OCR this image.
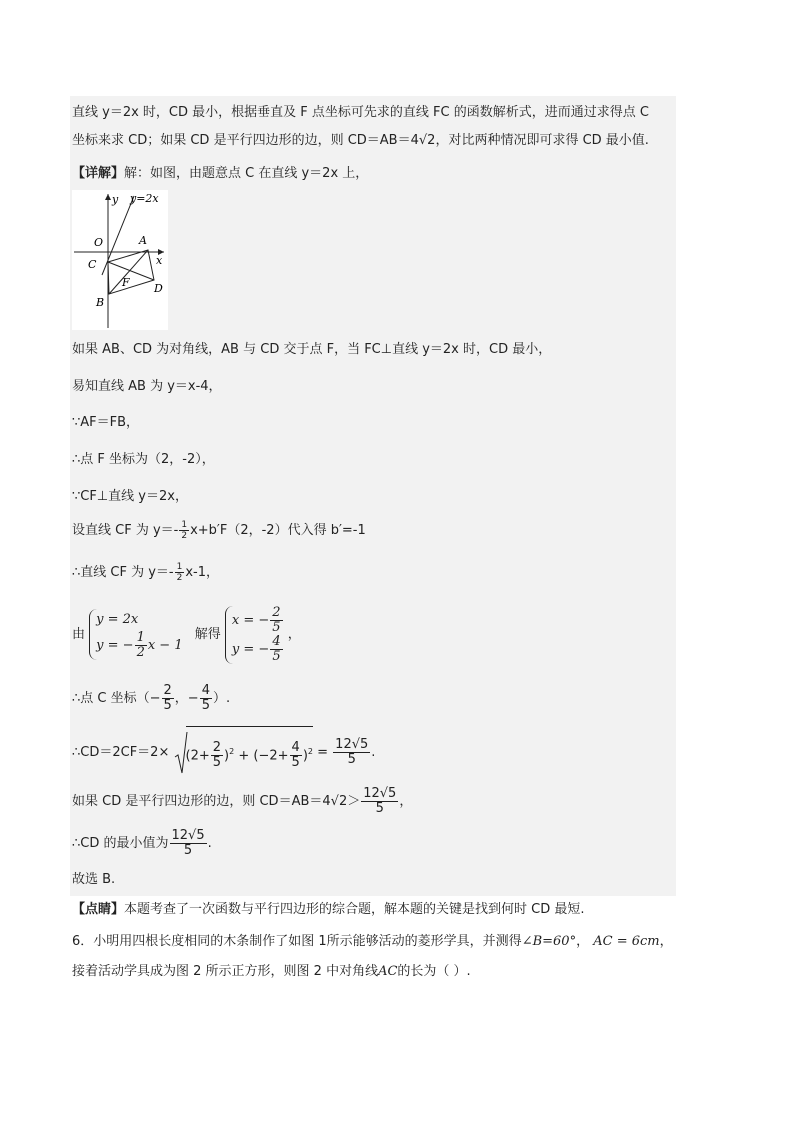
直线 y＝2x 时，CD 最小，根据垂直及 F 点坐标可先求的直线 FC 的函数解析式，进而通过求得点 C
坐标来求 CD；如果 CD 是平行四边形的边，则 CD＝AB＝4√2，对比两种情况即可求得 CD 最小值.
【详解】解：如图，由题意点 C 在直线 y＝2x 上，
y y=2x
x
O	A
C
F
B
D
如果 AB、CD 为对角线，AB 与 CD 交于点 F，当 FC⊥直线 y＝2x 时，CD 最小，
易知直线 AB 为 y＝x-4，
∵AF＝FB，
∴点 F 坐标为（2，-2），
∵CF⊥直线 y＝2x，
设直线 CF 为 $y=- \frac{1}{2} x+b'F(2$，-2）代入得 b′=-1
∴直线 CF 为 $y=- \frac{1}{2} x-1$，
由
y = 2x
y = − $\frac{1}{2}$ x − 1
解得
x = − $\frac{2}{5}$
y = − $\frac{4}{5}$ ，
∴点 C 坐标（− $\frac{2}{5}$ ，− $\frac{4}{5}$ ）.
∴CD＝2CF＝2× $(2+ \frac{2}{5} )^2 + (-2+ \frac{4}{5} )^2 = \frac{12√5}{5}$ .
如果 CD 是平行四边形的边，则 $CD=AB=4√2> \frac{12√5}{5}$ ，
∴CD 的最小值为 $\frac{12√5}{5}$ .
故选 B.
【点睛】本题考查了一次函数与平行四边形的综合题，解本题的关键是找到何时 CD 最短.
6．小明用四根长度相同的木条制作了如图 1所示能够活动的菱形学具，并测得∠B=60°， AC = 6cm，
接着活动学具成为图 2 所示正方形，则图 2 中对角线AC的长为（ ）.
